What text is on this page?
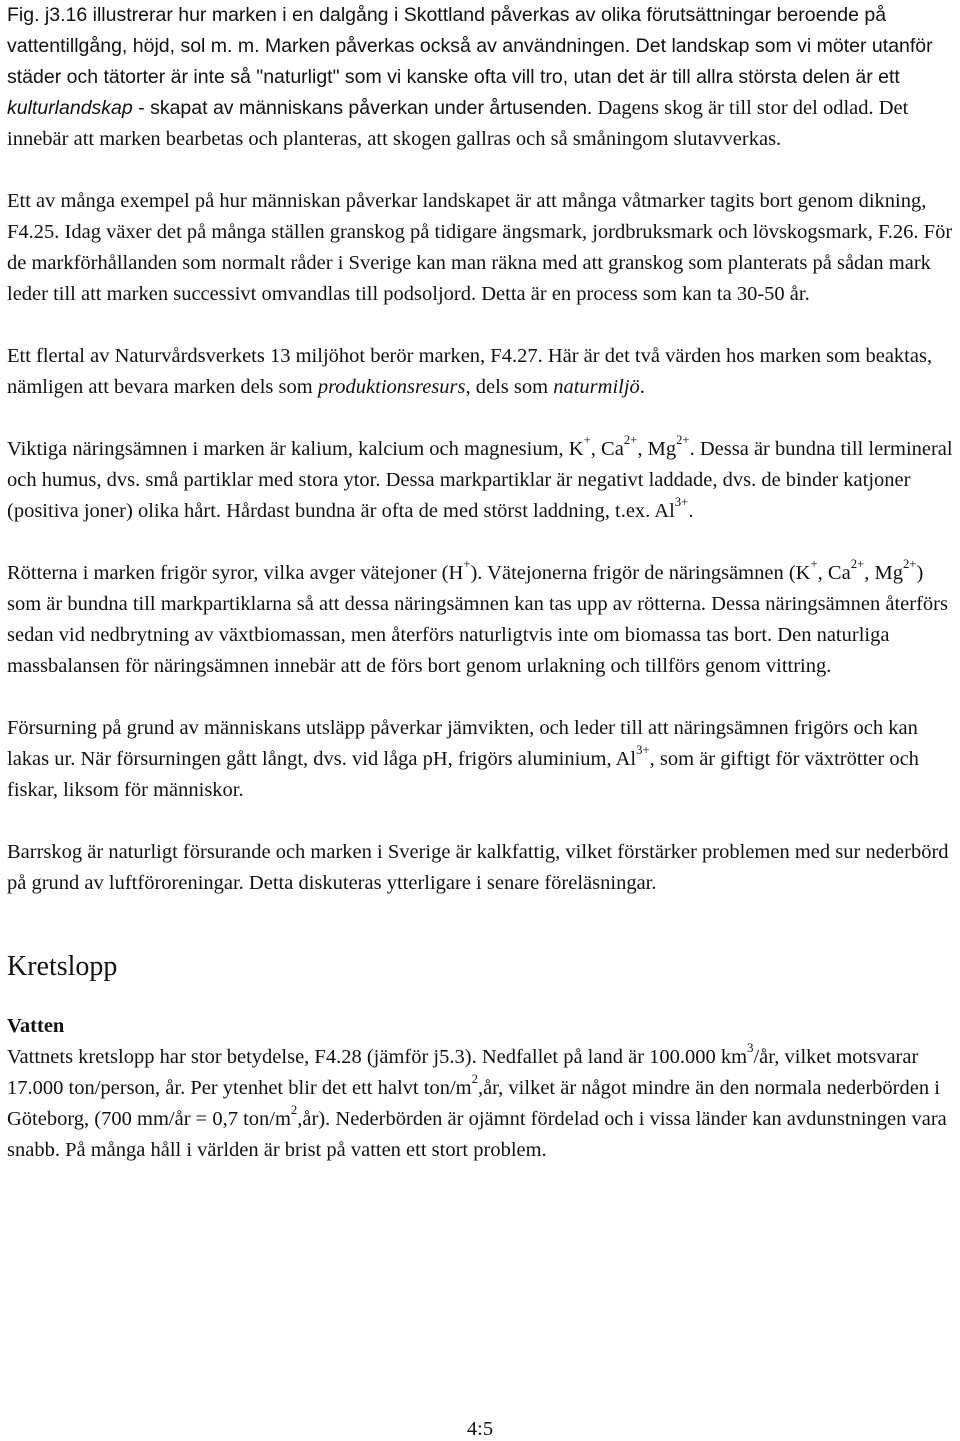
Fig. j3.16 illustrerar hur marken i en dalgång i Skottland påverkas av olika förutsättningar beroende på vattentillgång, höjd, sol m. m. Marken påverkas också av användningen. Det landskap som vi möter utanför städer och tätorter är inte så "naturligt" som vi kanske ofta vill tro, utan det är till allra största delen är ett kulturlandskap - skapat av människans påverkan under årtusenden. Dagens skog är till stor del odlad. Det innebär att marken bearbetas och planteras, att skogen gallras och så småningom slutavverkas.

Ett av många exempel på hur människan påverkar landskapet är att många våtmarker tagits bort genom dikning, F4.25. Idag växer det på många ställen granskog på tidigare ängsmark, jordbruksmark och lövskogsmark, F.26. För de markförhållanden som normalt råder i Sverige kan man räkna med att granskog som planterats på sådan mark leder till att marken successivt omvandlas till podsoljord. Detta är en process som kan ta 30-50 år.

Ett flertal av Naturvårdsverkets 13 miljöhot berör marken, F4.27. Här är det två värden hos marken som beaktas, nämligen att bevara marken dels som produktionsresurs, dels som naturmiljö.

Viktiga näringsämnen i marken är kalium, kalcium och magnesium, K+, $Ca^{2+}$, $Mg^{2+}$. Dessa är bundna till lermineral och humus, dvs. små partiklar med stora ytor. Dessa markpartiklar är negativt laddade, dvs. de binder katjoner (positiva joner) olika hårt. Hårdast bundna är ofta de med störst laddning, t.ex. $Al^{3+}$.

Rötterna i marken frigör syror, vilka avger vätejoner (H+). Vätejonerna frigör de näringsämnen (K+, $Ca^{2+}$, $Mg^{2+}$) som är bundna till markpartiklarna så att dessa näringsämnen kan tas upp av rötterna. Dessa näringsämnen återförs sedan vid nedbrytning av växtbiomassan, men återförs naturligtvis inte om biomassa tas bort. Den naturliga massbalansen för näringsämnen innebär att de förs bort genom urlakning och tillförs genom vittring.

Försurning på grund av människans utsläpp påverkar jämvikten, och leder till att näringsämnen frigörs och kan lakas ur. När försurningen gått långt, dvs. vid låga pH, frigörs aluminium, $Al^{3+}$, som är giftigt för växtrötter och fiskar, liksom för människor.

Barrskog är naturligt försurande och marken i Sverige är kalkfattig, vilket förstärker problemen med sur nederbörd på grund av luftföroreningar. Detta diskuteras ytterligare i senare föreläsningar.

Kretslopp
Vatten

Vattnets kretslopp har stor betydelse, F4.28 (jämför j5.3). Nedfallet på land är 100.000 $km^3/år$, vilket motsvarar 17.000 ton/person, år. Per ytenhet blir det ett halvt ton/$m^2,år$, vilket är något mindre än den normala nederbörden i Göteborg, (700 mm/år = 0,7 ton/$m^2,år$). Nederbörden är ojämnt fördelad och i vissa länder kan avdunstningen vara snabb. På många håll i världen är brist på vatten ett stort problem.

4:5
